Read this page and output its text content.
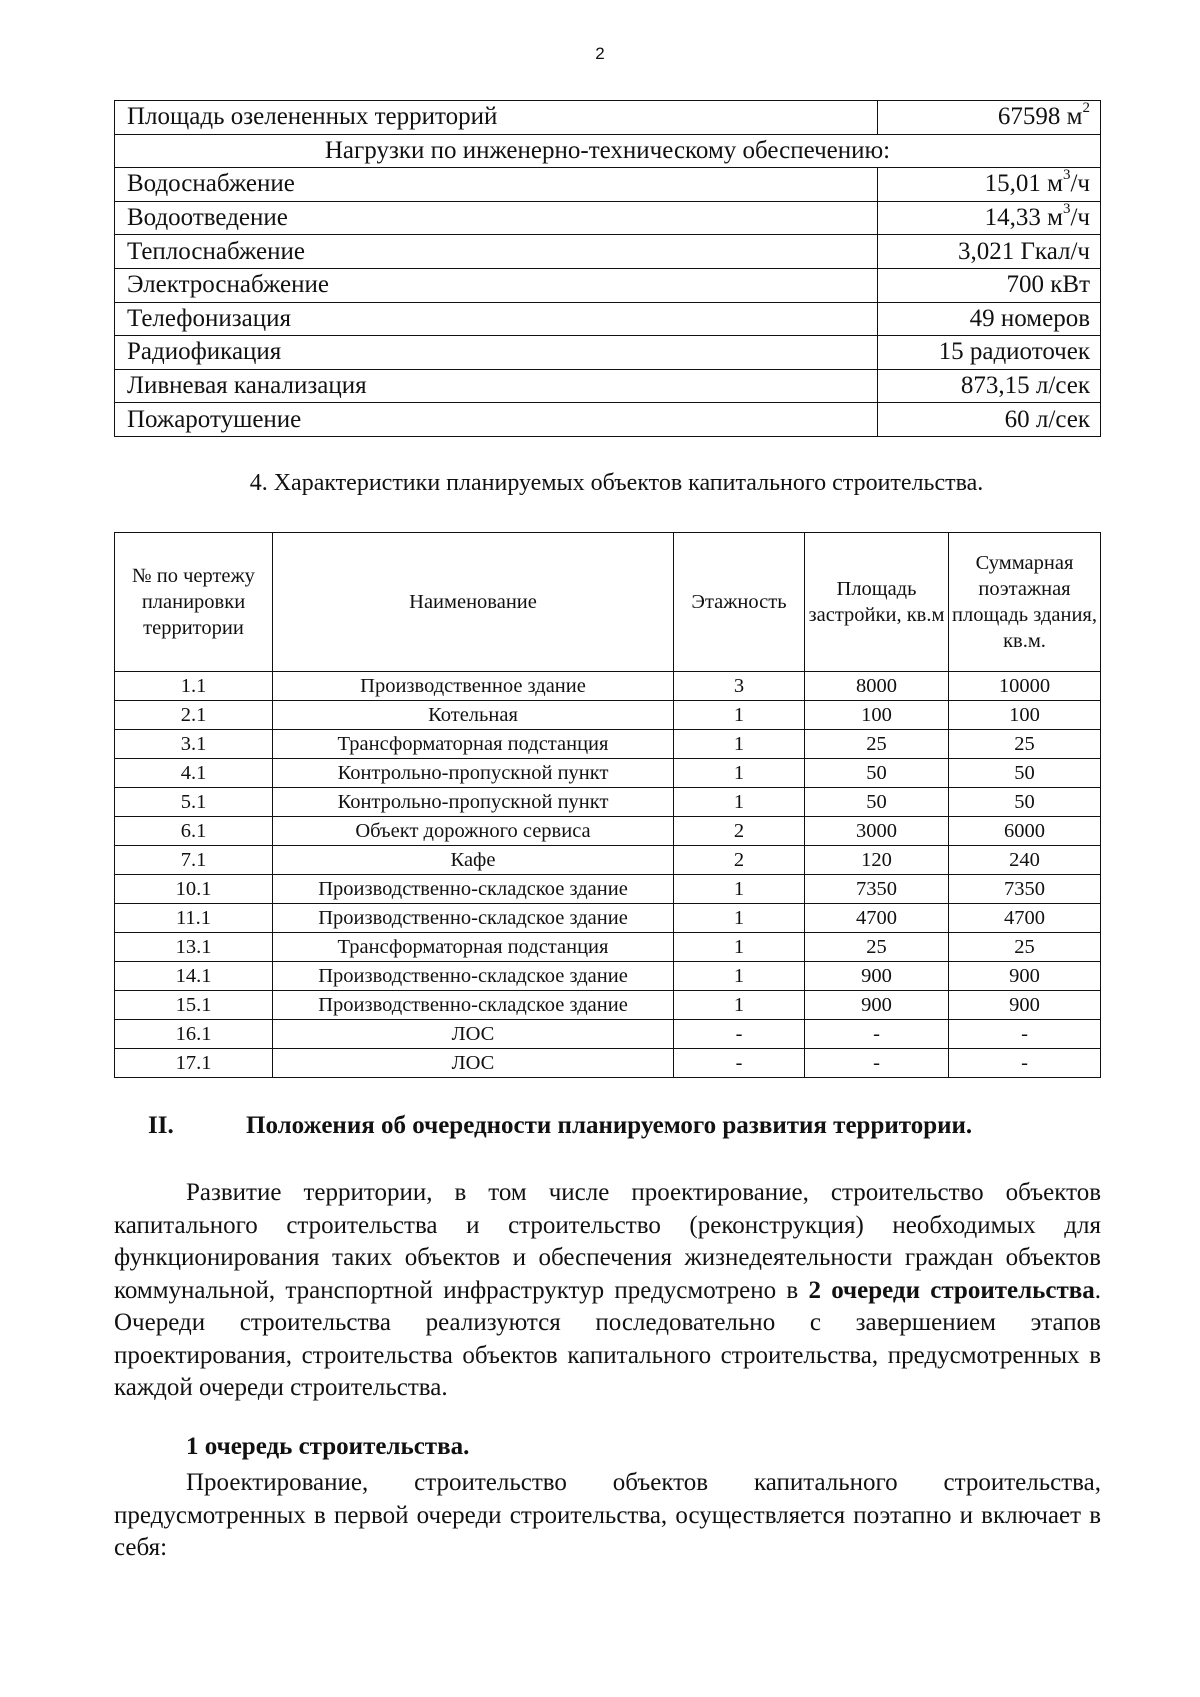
2
Площадь озелененных территорий	67598 $м^2$
Нагрузки по инженерно-техническому обеспечению:	
Водоснабжение	15,01 $м^3/ч$
Водоотведение	14,33 $м^3/ч$
Теплоснабжение	3,021 Гкал/ч
Электроснабжение	700 кВт
Телефонизация	49 номеров
Радиофикация	15 радиоточек
Ливневая канализация	873,15 л/сек
Пожаротушение	60 л/сек
4. Характеристики планируемых объектов капитального строительства.
№ по чертежу планировки территории	Наименование	Этажность	Площадь застройки, кв.м	Суммарная поэтажная площадь здания, кв.м.
1.1	Производственное здание	3	8000	10000
2.1	Котельная	1	100	100
3.1	Трансформаторная подстанция	1	25	25
4.1	Контрольно-пропускной пункт	1	50	50
5.1	Контрольно-пропускной пункт	1	50	50
6.1	Объект дорожного сервиса	2	3000	6000
7.1	Кафе	2	120	240
10.1	Производственно-складское здание	1	7350	7350
11.1	Производственно-складское здание	1	4700	4700
13.1	Трансформаторная подстанция	1	25	25
14.1	Производственно-складское здание	1	900	900
15.1	Производственно-складское здание	1	900	900
16.1	ЛОС	-	-	-
17.1	ЛОС	-	-	-
II.	Положения об очередности планируемого развития территории.
Развитие территории, в том числе проектирование, строительство объектов капитального строительства и строительство (реконструкция) необходимых для функционирования таких объектов и обеспечения жизнедеятельности граждан объектов коммунальной, транспортной инфраструктур предусмотрено в 2 очереди строительства. Очереди строительства реализуются последовательно с завершением этапов проектирования, строительства объектов капитального строительства, предусмотренных в каждой очереди строительства.
1 очередь строительства.
Проектирование, строительство объектов капитального строительства, предусмотренных в первой очереди строительства, осуществляется поэтапно и включает в себя:
